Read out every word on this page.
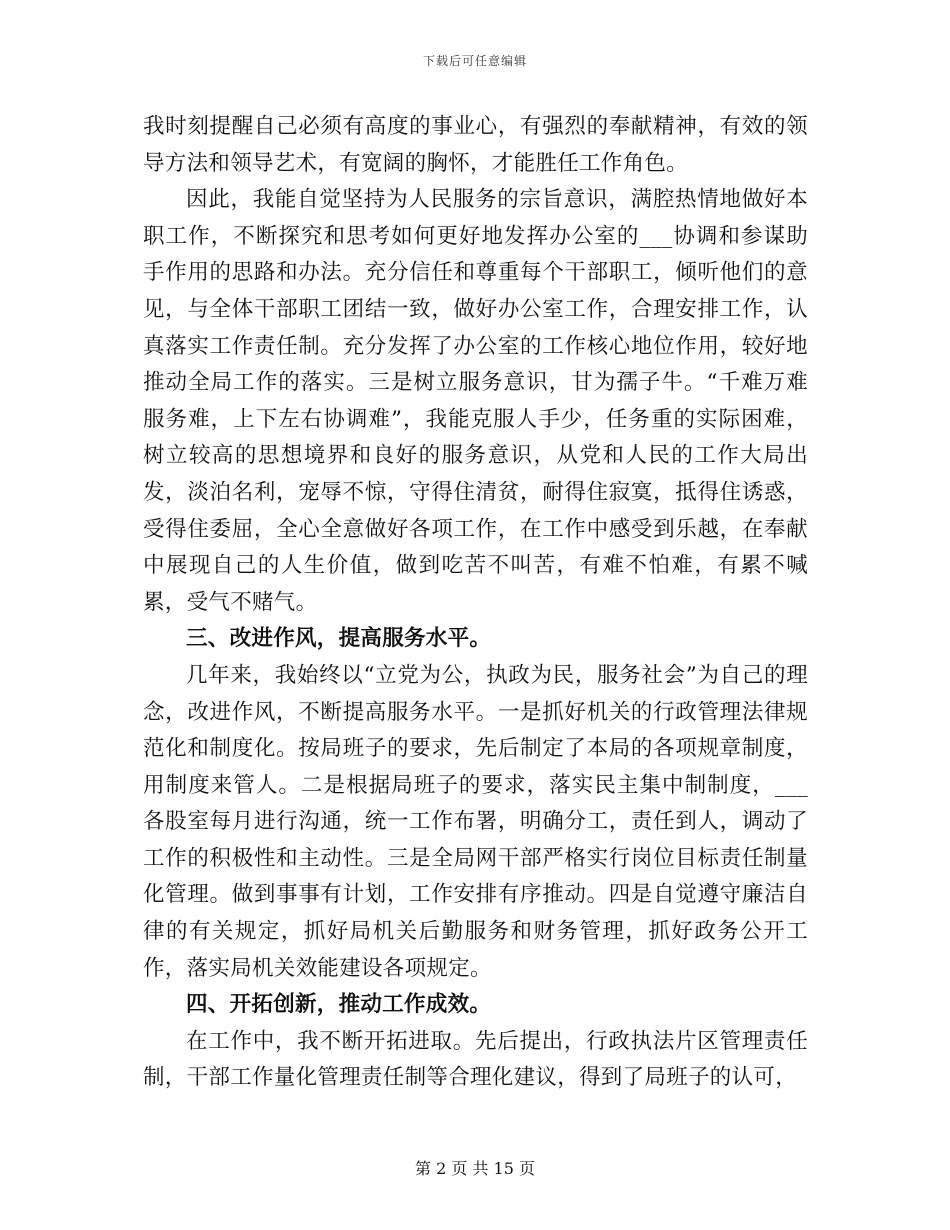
下载后可任意编辑

我时刻提醒自己必须有高度的事业心，有强烈的奉献精神，有效的领导方法和领导艺术，有宽阔的胸怀，才能胜任工作角色。

因此，我能自觉坚持为人民服务的宗旨意识，满腔热情地做好本职工作，不断探究和思考如何更好地发挥办公室的___协调和参谋助手作用的思路和办法。充分信任和尊重每个干部职工，倾听他们的意见，与全体干部职工团结一致，做好办公室工作，合理安排工作，认真落实工作责任制。充分发挥了办公室的工作核心地位作用，较好地推动全局工作的落实。三是树立服务意识，甘为孺子牛。“千难万难服务难，上下左右协调难”，我能克服人手少，任务重的实际困难，树立较高的思想境界和良好的服务意识，从党和人民的工作大局出发，淡泊名利，宠辱不惊，守得住清贫，耐得住寂寞，抵得住诱惑，受得住委屈，全心全意做好各项工作，在工作中感受到乐越，在奉献中展现自己的人生价值，做到吃苦不叫苦，有难不怕难，有累不喊累，受气不赌气。

三、改进作风，提高服务水平。

几年来，我始终以“立党为公，执政为民，服务社会”为自己的理念，改进作风，不断提高服务水平。一是抓好机关的行政管理法律规范化和制度化。按局班子的要求，先后制定了本局的各项规章制度，用制度来管人。二是根据局班子的要求，落实民主集中制制度，___各股室每月进行沟通，统一工作布署，明确分工，责任到人，调动了工作的积极性和主动性。三是全局网干部严格实行岗位目标责任制量化管理。做到事事有计划，工作安排有序推动。四是自觉遵守廉洁自律的有关规定，抓好局机关后勤服务和财务管理，抓好政务公开工作，落实局机关效能建设各项规定。

四、开拓创新，推动工作成效。

在工作中，我不断开拓进取。先后提出，行政执法片区管理责任制，干部工作量化管理责任制等合理化建议，得到了局班子的认可，

第 2 页 共 15 页
